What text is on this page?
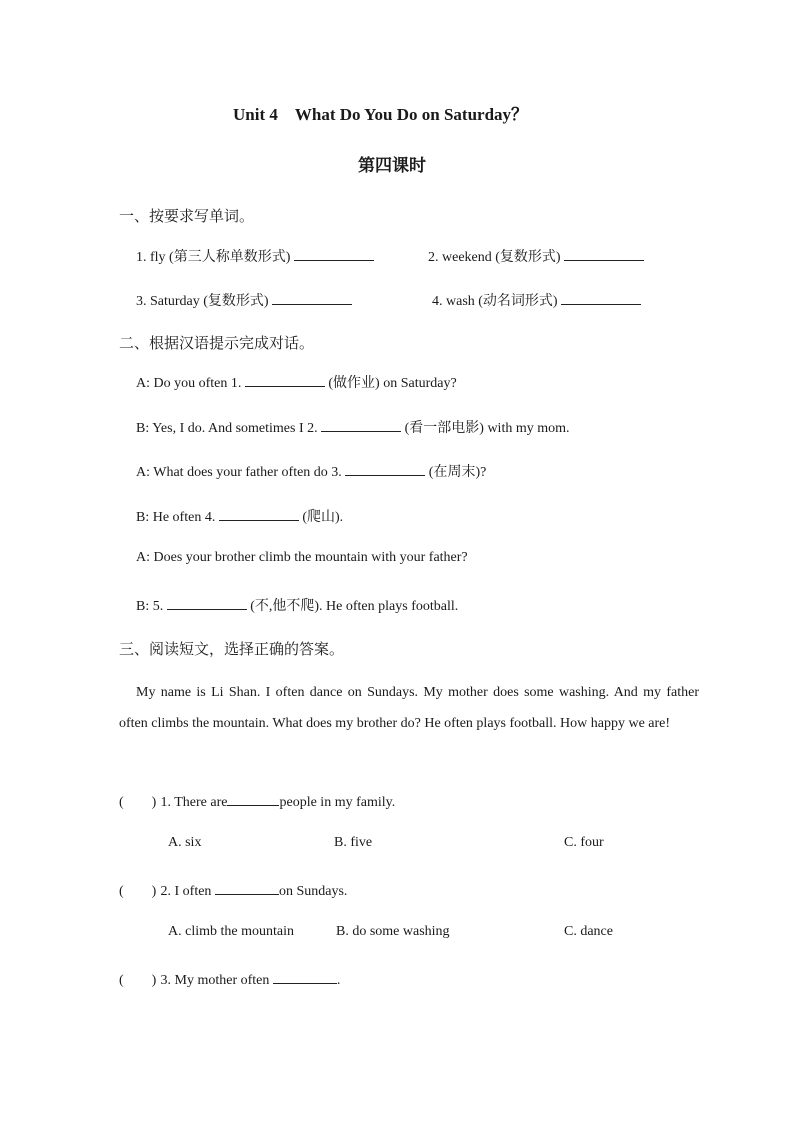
Unit 4　What Do You Do on Saturday？
第四课时
一、按要求写单词。
1. fly (第三人称单数形式)	2. weekend (复数形式)
3. Saturday (复数形式)	4. wash (动名词形式)
二、根据汉语提示完成对话。
A: Do you often 1.	(做作业) on Saturday?
B: Yes, I do. And sometimes I 2.	(看一部电影) with my mom.
A: What does your father often do 3.	(在周末)?
B: He often 4.	(爬山).
A: Does your brother climb the mountain with your father?
B: 5.	(不,他不爬). He often plays football.
三、阅读短文，选择正确的答案。
My name is Li Shan. I often dance on Sundays. My mother does some washing. And my father often climbs the mountain. What does my brother do? He often plays football. How happy we are!
(　　) 1. There are	people in my family.
A. six	B. five	C. four
(　　) 2. I often	on Sundays.
A. climb the mountain	B. do some washing	C. dance
(　　) 3. My mother often	.
